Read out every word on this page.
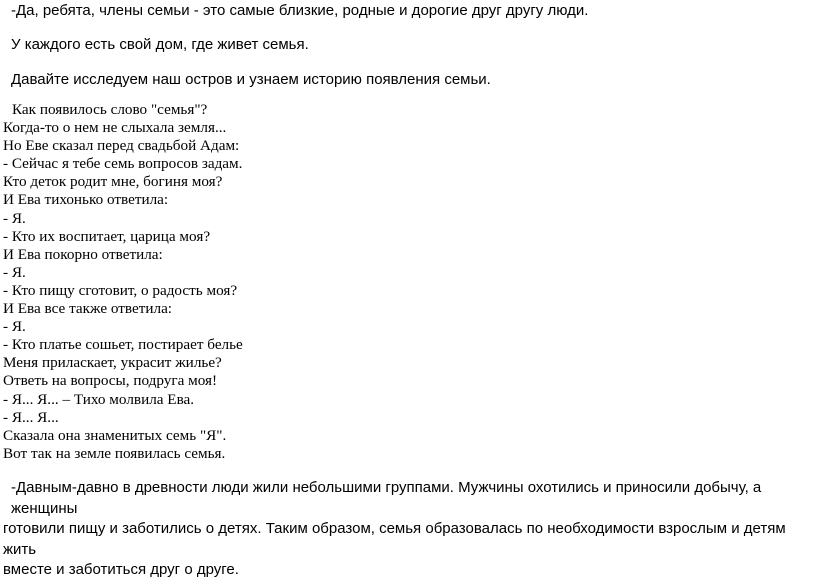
-Да, ребята, члены семьи - это самые близкие, родные и дорогие друг другу люди.
У каждого есть свой дом, где живет семья.
Давайте исследуем наш остров и узнаем историю появления семьи.
Как появилось слово "семья"?
Когда-то о нем не слыхала земля...
Но Еве сказал перед свадьбой Адам:
- Сейчас я тебе семь вопросов задам.
Кто деток родит мне, богиня моя?
И Ева тихонько ответила:
- Я.
- Кто их воспитает, царица моя?
И Ева покорно ответила:
- Я.
- Кто пищу сготовит, о радость моя?
И Ева все также ответила:
- Я.
- Кто платье сошьет, постирает белье
Меня приласкает, украсит жилье?
Ответь на вопросы, подруга моя!
- Я... Я... – Тихо молвила Ева.
- Я... Я...
Сказала она знаменитых семь "Я".
Вот так на земле появилась семья.
-Давным-давно в древности люди жили небольшими группами. Мужчины охотились и приносили добычу, а женщины
готовили пищу и заботились о детях. Таким образом, семья образовалась по необходимости взрослым и детям жить
вместе и заботиться друг о друге.
